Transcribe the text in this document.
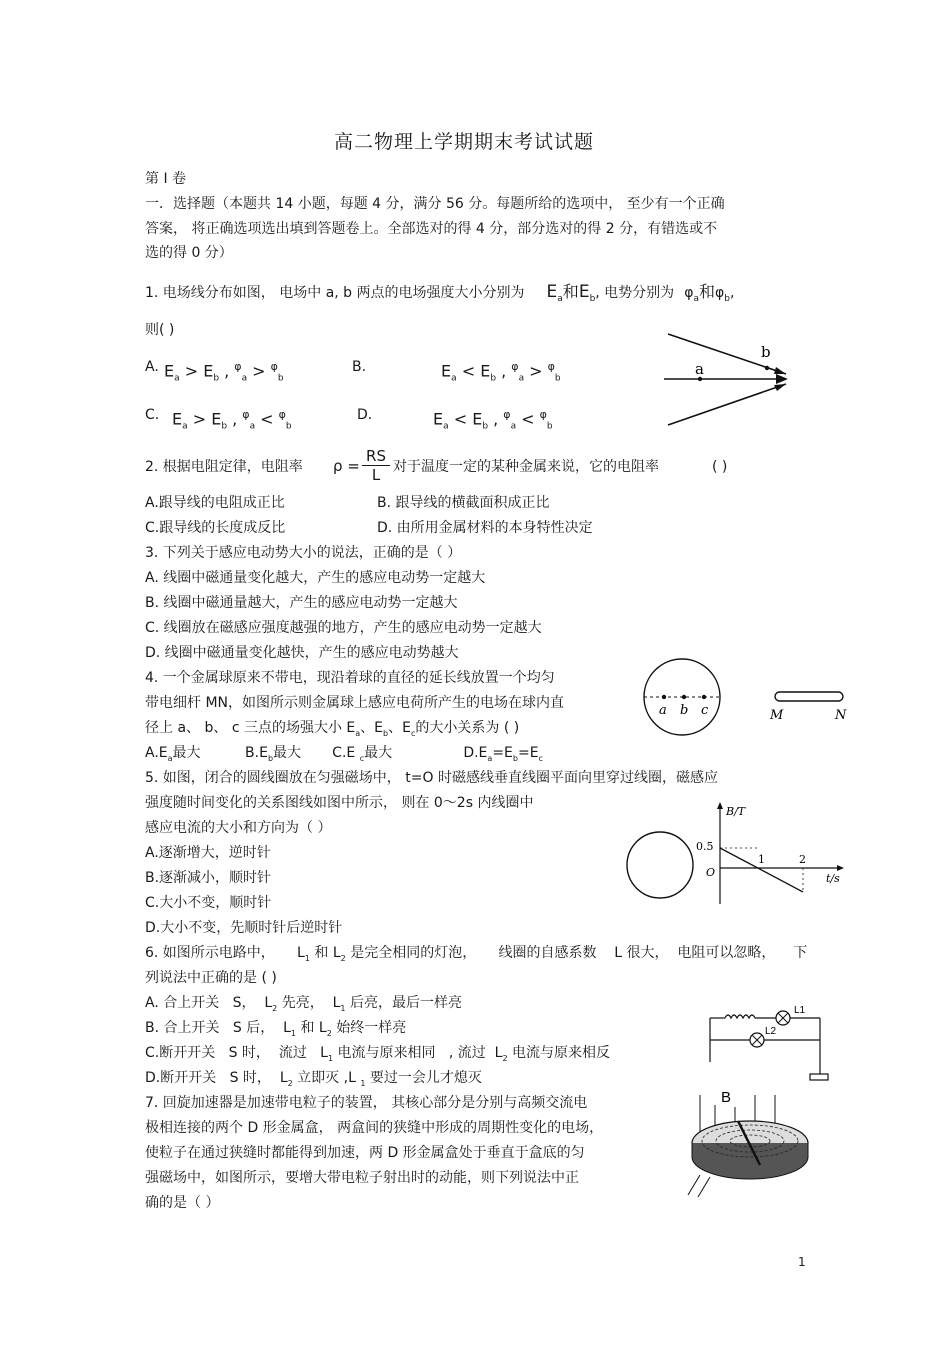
高二物理上学期期末考试试题
第 I 卷
一．选择题（本题共 14 小题，每题 4 分，满分 56 分。每题所给的选项中， 至少有一个正确
答案， 将正确选项选出填到答题卷上。全部选对的得 4 分，部分选对的得 2 分，有错选或不
选的得 0 分）
1. 电场线分布如图， 电场中 a, b 两点的电场强度大小分别为 $E_a$和$E_b$, 电势分别为 $\varphi_a$和$\varphi_b$,
则( )
A. $E_a > E_b$ , $^\varphi_a$ > $^\varphi_b$
B.	$E_a < E_b$ , $^\varphi_a$ > $^\varphi_b$
C. $E_a > E_b$ , $^\varphi_a$ < $^\varphi_b$
D.	$E_a < E_b$ , $^\varphi_a$ < $^\varphi_b$
b
a
2. 根据电阻定律，电阻率 $\rho = \frac{RS}{L}$ 对于温度一定的某种金属来说，它的电阻率	( )
A.跟导线的电阻成正比	B. 跟导线的横截面积成正比
C.跟导线的长度成反比	D. 由所用金属材料的本身特性决定
3. 下列关于感应电动势大小的说法，正确的是（ ）
A. 线圈中磁通量变化越大，产生的感应电动势一定越大
B. 线圈中磁通量越大，产生的感应电动势一定越大
C. 线圈放在磁感应强度越强的地方，产生的感应电动势一定越大
D. 线圈中磁通量变化越快，产生的感应电动势越大
4. 一个金属球原来不带电，现沿着球的直径的延长线放置一个均匀
带电细杆 MN，如图所示则金属球上感应电荷所产生的电场在球内直
径上 a、 b、 c 三点的场强大小 $E_a$、$E_b$、$E_c$的大小关系为 ( )
$A.E_a$最大          $B.E_b$最大       C.E $_c$最大                $D.E_a=E_b=E_c$
a b c	M	N
5. 如图，闭合的圆线圈放在匀强磁场中， t=O 时磁感线垂直线圈平面向里穿过线圈，磁感应
强度随时间变化的关系图线如图中所示， 则在 0～2s 内线圈中
感应电流的大小和方向为（ ）
A.逐渐增大，逆时针
B.逐渐减小，顺时针
C.大小不变，顺时针
D.大小不变，先顺时针后逆时针
B/T
0.5
O
1	2
t/s
6. 如图所示电路中，     $L_1$ 和 $L_2$ 是完全相同的灯泡，     线圈的自感系数    L 很大，  电阻可以忽略，    下
列说法中正确的是 ( )
A. 合上开关   S，  $L_2$ 先亮，  $L_1$ 后亮，最后一样亮
B. 合上开关   S 后，  $L_1$ 和 $L_2$ 始终一样亮
C.断开开关   S 时，  流过   $L_1$ 电流与原来相同   , 流过  $L_2$ 电流与原来相反
D.断开开关   S 时，  $L_2$ 立即灭 ,L $_1$ 要过一会儿才熄灭
L1
L2
7. 回旋加速器是加速带电粒子的装置， 其核心部分是分别与高频交流电
极相连接的两个 D 形金属盒， 两盒间的狭缝中形成的周期性变化的电场，
使粒子在通过狭缝时都能得到加速，两 D 形金属盒处于垂直于盒底的匀
强磁场中，如图所示，要增大带电粒子射出时的动能，则下列说法中正
确的是（ ）
B
1
